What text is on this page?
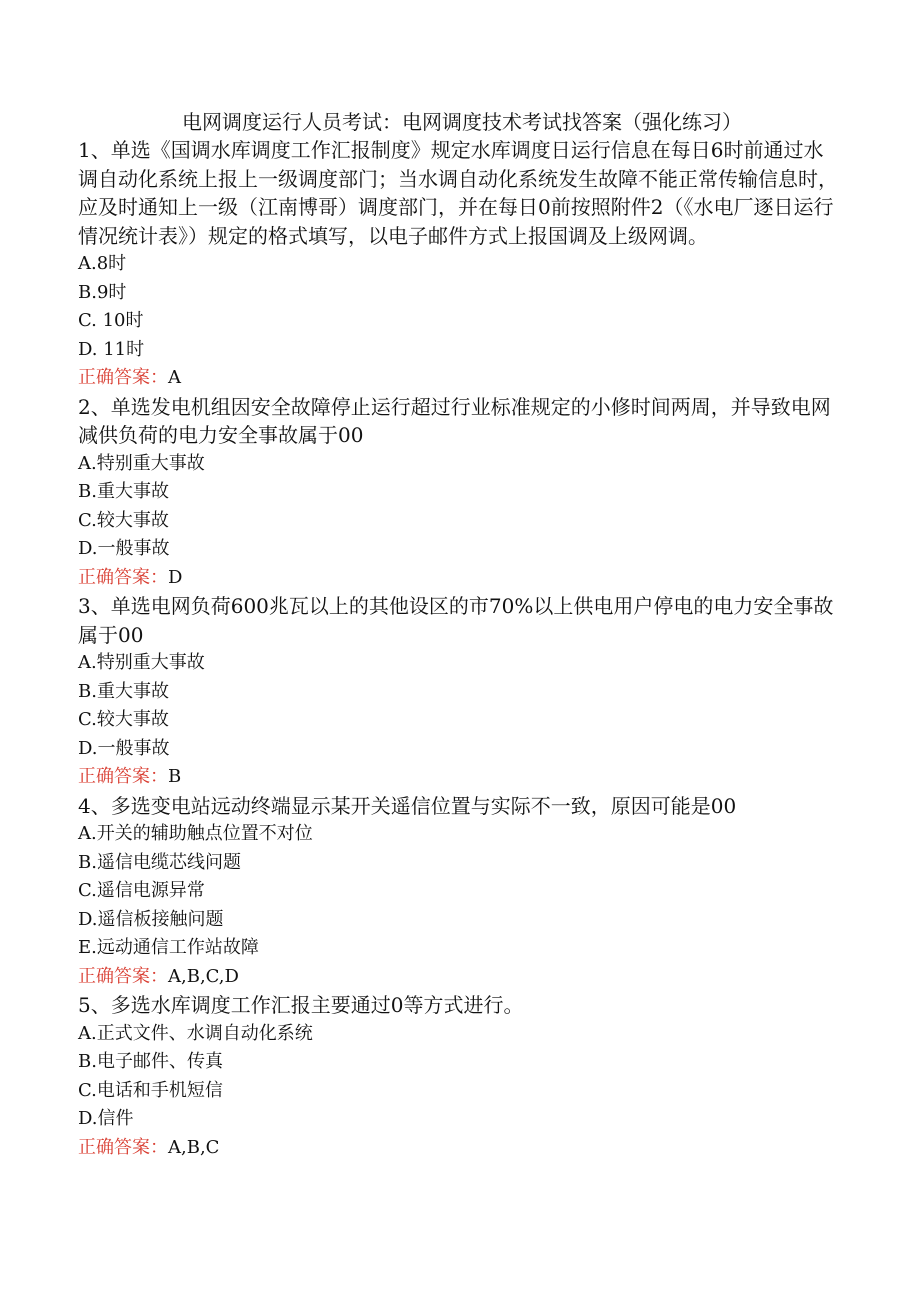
电网调度运行人员考试：电网调度技术考试找答案（强化练习）

1、单选《国调水库调度工作汇报制度》规定水库调度日运行信息在每日6时前通过水调自动化系统上报上一级调度部门；当水调自动化系统发生故障不能正常传输信息时，应及时通知上一级（江南博哥）调度部门，并在每日0前按照附件2（《水电厂逐日运行情况统计表》）规定的格式填写，以电子邮件方式上报国调及上级网调。

A.8时

B.9时

C. 10时

D. 11时

正确答案：A

2、单选发电机组因安全故障停止运行超过行业标准规定的小修时间两周，并导致电网减供负荷的电力安全事故属于00

A.特别重大事故

B.重大事故

C.较大事故

D.一般事故

正确答案：D

3、单选电网负荷600兆瓦以上的其他设区的市70%以上供电用户停电的电力安全事故属于00

A.特别重大事故

B.重大事故

C.较大事故

D.一般事故

正确答案：B

4、多选变电站远动终端显示某开关遥信位置与实际不一致，原因可能是00

A.开关的辅助触点位置不对位

B.遥信电缆芯线问题

C.遥信电源异常

D.遥信板接触问题

E.远动通信工作站故障

正确答案：A,B,C,D

5、多选水库调度工作汇报主要通过0等方式进行。

A.正式文件、水调自动化系统

B.电子邮件、传真

C.电话和手机短信

D.信件

正确答案：A,B,C
